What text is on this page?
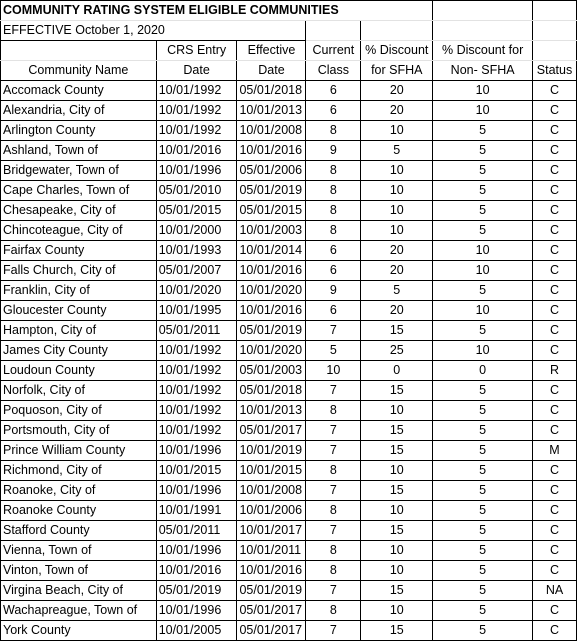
COMMUNITY RATING SYSTEM ELIGIBLE COMMUNITIES						
EFFECTIVE October 1, 2020						
	CRS Entry	Effective	Current	% Discount	% Discount for	
Community Name	Date	Date	Class	for SFHA	Non- SFHA	Status
Accomack County	10/01/1992	05/01/2018	6	20	10	C
Alexandria, City of	10/01/1992	10/01/2013	6	20	10	C
Arlington County	10/01/1992	10/01/2008	8	10	5	C
Ashland, Town of	10/01/2016	10/01/2016	9	5	5	C
Bridgewater, Town of	10/01/1996	05/01/2006	8	10	5	C
Cape Charles, Town of	05/01/2010	05/01/2019	8	10	5	C
Chesapeake, City of	05/01/2015	05/01/2015	8	10	5	C
Chincoteague, City of	10/01/2000	10/01/2003	8	10	5	C
Fairfax County	10/01/1993	10/01/2014	6	20	10	C
Falls Church, City of	05/01/2007	10/01/2016	6	20	10	C
Franklin, City of	10/01/2020	10/01/2020	9	5	5	C
Gloucester County	10/01/1995	10/01/2016	6	20	10	C
Hampton, City of	05/01/2011	05/01/2019	7	15	5	C
James City County	10/01/1992	10/01/2020	5	25	10	C
Loudoun County	10/01/1992	05/01/2003	10	0	0	R
Norfolk, City of	10/01/1992	05/01/2018	7	15	5	C
Poquoson, City of	10/01/1992	10/01/2013	8	10	5	C
Portsmouth, City of	10/01/1992	05/01/2017	7	15	5	C
Prince William County	10/01/1996	10/01/2019	7	15	5	M
Richmond, City of	10/01/2015	10/01/2015	8	10	5	C
Roanoke, City of	10/01/1996	10/01/2008	7	15	5	C
Roanoke County	10/01/1991	10/01/2006	8	10	5	C
Stafford County	05/01/2011	10/01/2017	7	15	5	C
Vienna, Town of	10/01/1996	10/01/2011	8	10	5	C
Vinton, Town of	10/01/2016	10/01/2016	8	10	5	C
Virgina Beach, City of	05/01/2019	05/01/2019	7	15	5	NA
Wachapreague, Town of	10/01/1996	05/01/2017	8	10	5	C
York County	10/01/2005	05/01/2017	7	15	5	C
